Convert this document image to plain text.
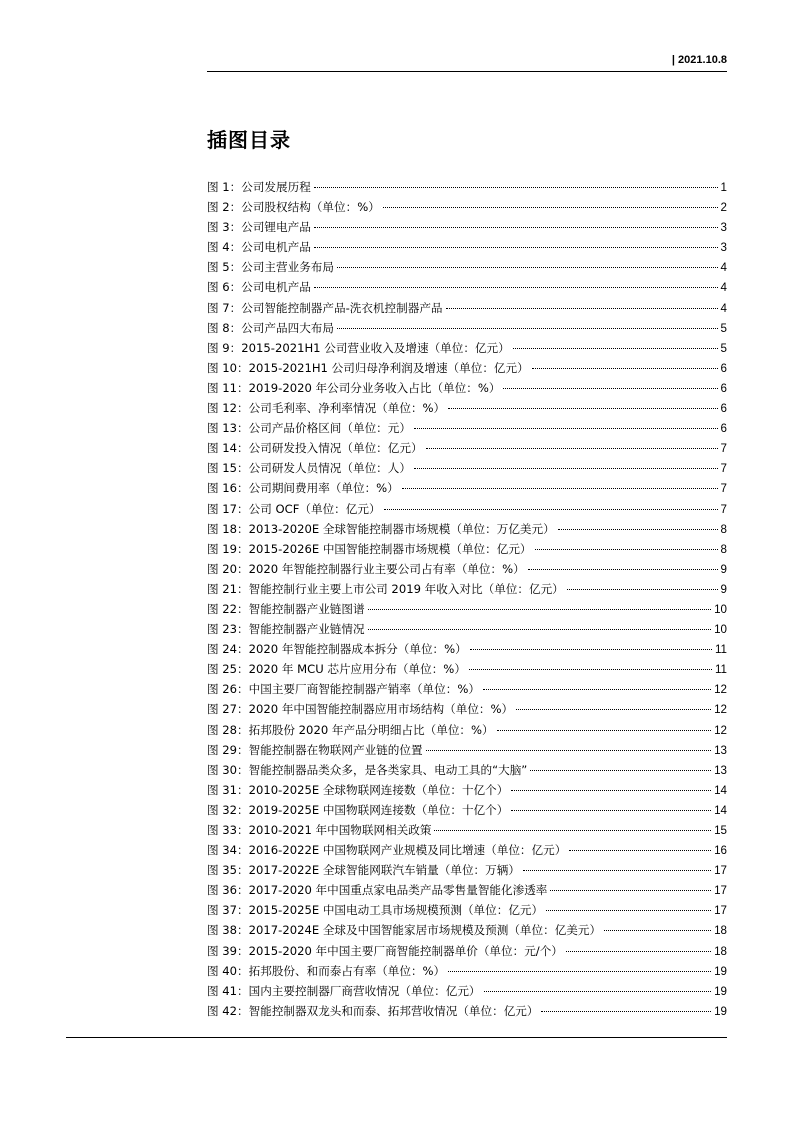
| 2021.10.8
插图目录
图 1：公司发展历程	1
图 2：公司股权结构（单位：%）	2
图 3：公司锂电产品	3
图 4：公司电机产品	3
图 5：公司主营业务布局	4
图 6：公司电机产品	4
图 7：公司智能控制器产品-洗衣机控制器产品	4
图 8：公司产品四大布局	5
图 9：2015-2021H1 公司营业收入及增速（单位：亿元）	5
图 10：2015-2021H1 公司归母净利润及增速（单位：亿元）	6
图 11：2019-2020 年公司分业务收入占比（单位：%）	6
图 12：公司毛利率、净利率情况（单位：%）	6
图 13：公司产品价格区间（单位：元）	6
图 14：公司研发投入情况（单位：亿元）	7
图 15：公司研发人员情况（单位：人）	7
图 16：公司期间费用率（单位：%）	7
图 17：公司 OCF（单位：亿元）	7
图 18：2013-2020E 全球智能控制器市场规模（单位：万亿美元）	8
图 19：2015-2026E 中国智能控制器市场规模（单位：亿元）	8
图 20：2020 年智能控制器行业主要公司占有率（单位：%）	9
图 21：智能控制行业主要上市公司 2019 年收入对比（单位：亿元）	9
图 22：智能控制器产业链图谱	10
图 23：智能控制器产业链情况	10
图 24：2020 年智能控制器成本拆分（单位：%）	11
图 25：2020 年 MCU 芯片应用分布（单位：%）	11
图 26：中国主要厂商智能控制器产销率（单位：%）	12
图 27：2020 年中国智能控制器应用市场结构（单位：%）	12
图 28：拓邦股份 2020 年产品分明细占比（单位：%）	12
图 29：智能控制器在物联网产业链的位置	13
图 30：智能控制器品类众多，是各类家具、电动工具的“大脑”	13
图 31：2010-2025E 全球物联网连接数（单位：十亿个）	14
图 32：2019-2025E 中国物联网连接数（单位：十亿个）	14
图 33：2010-2021 年中国物联网相关政策	15
图 34：2016-2022E 中国物联网产业规模及同比增速（单位：亿元）	16
图 35：2017-2022E 全球智能网联汽车销量（单位：万辆）	17
图 36：2017-2020 年中国重点家电品类产品零售量智能化渗透率	17
图 37：2015-2025E 中国电动工具市场规模预测（单位：亿元）	17
图 38：2017-2024E 全球及中国智能家居市场规模及预测（单位：亿美元）	18
图 39：2015-2020 年中国主要厂商智能控制器单价（单位：元/个）	18
图 40：拓邦股份、和而泰占有率（单位：%）	19
图 41：国内主要控制器厂商营收情况（单位：亿元）	19
图 42：智能控制器双龙头和而泰、拓邦营收情况（单位：亿元）	19
